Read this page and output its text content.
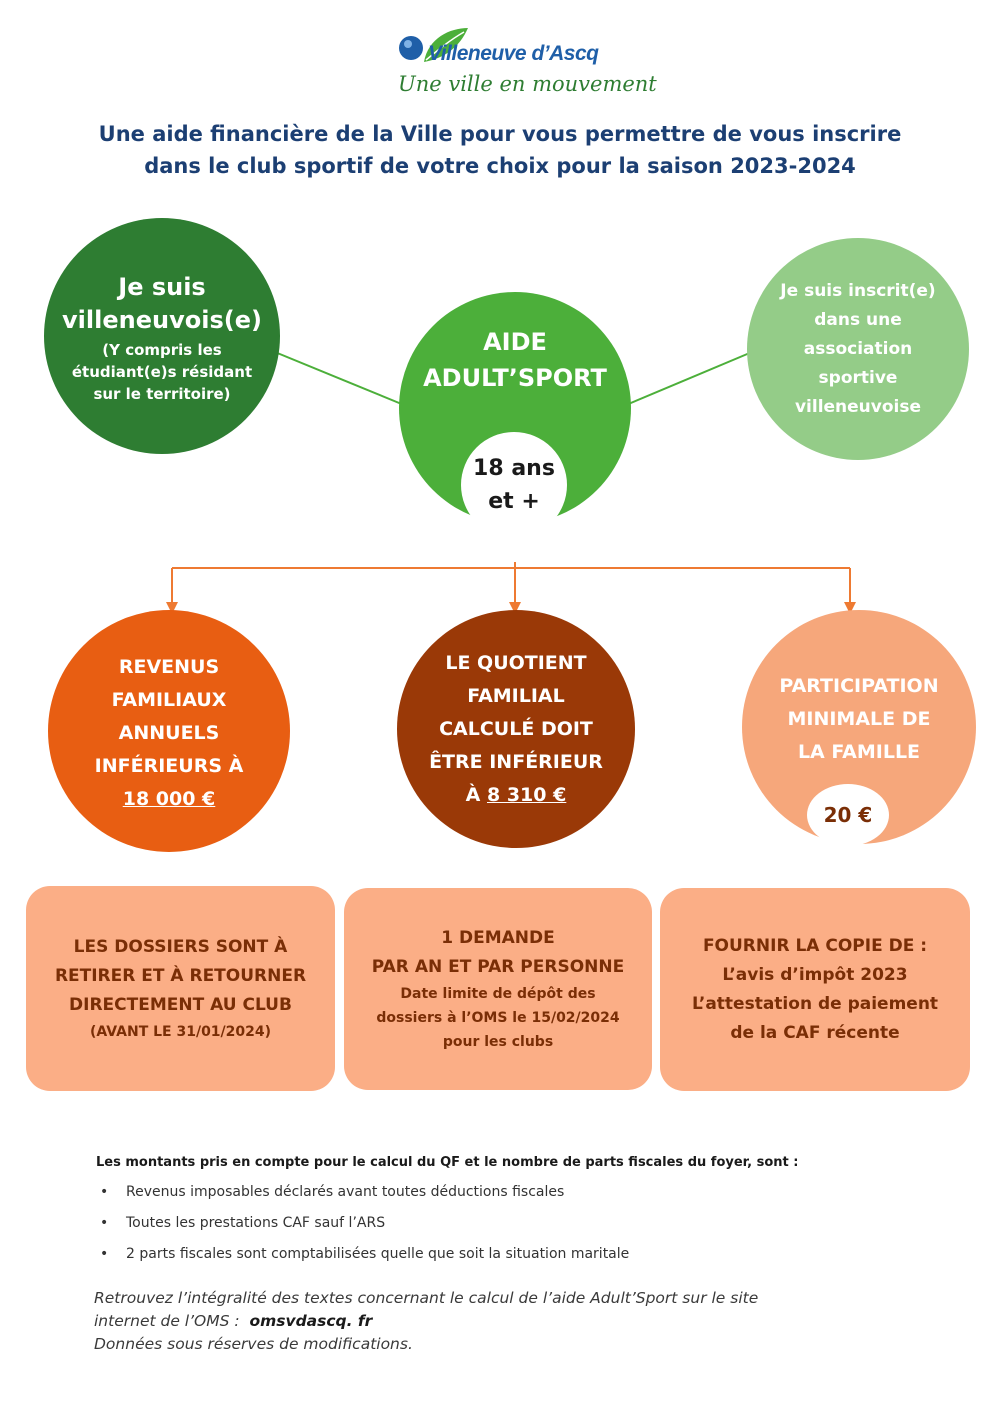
Villeneuve d’Ascq
Une ville en mouvement
Une aide financière de la Ville pour vous permettre de vous inscrire
dans le club sportif de votre choix pour la saison 2023-2024
Je suis
villeneuvois(e)
(Y compris les
étudiant(e)s résidant
sur le territoire)
AIDE
ADULT’SPORT
18 ans
et +
Je suis inscrit(e)
dans une
association
sportive
villeneuvoise
REVENUS
FAMILIAUX
ANNUELS
INFÉRIEURS À
18 000 €
LE QUOTIENT
FAMILIAL
CALCULÉ DOIT
ÊTRE INFÉRIEUR
À 8 310 €
PARTICIPATION
MINIMALE DE
LA FAMILLE
20 €
LES DOSSIERS SONT À
RETIRER ET À RETOURNER
DIRECTEMENT AU CLUB
(AVANT LE 31/01/2024)
1 DEMANDE
PAR AN ET PAR PERSONNE
Date limite de dépôt des
dossiers à l’OMS le 15/02/2024
pour les clubs
FOURNIR LA COPIE DE :
L’avis d’impôt 2023
L’attestation de paiement
de la CAF récente
Les montants pris en compte pour le calcul du QF et le nombre de parts fiscales du foyer, sont :
• Revenus imposables déclarés avant toutes déductions fiscales
• Toutes les prestations CAF sauf l’ARS
• 2 parts fiscales sont comptabilisées quelle que soit la situation maritale
Retrouvez l’intégralité des textes concernant le calcul de l’aide Adult’Sport sur le site
internet de l’OMS :  omsvdascq. fr
Données sous réserves de modifications.
